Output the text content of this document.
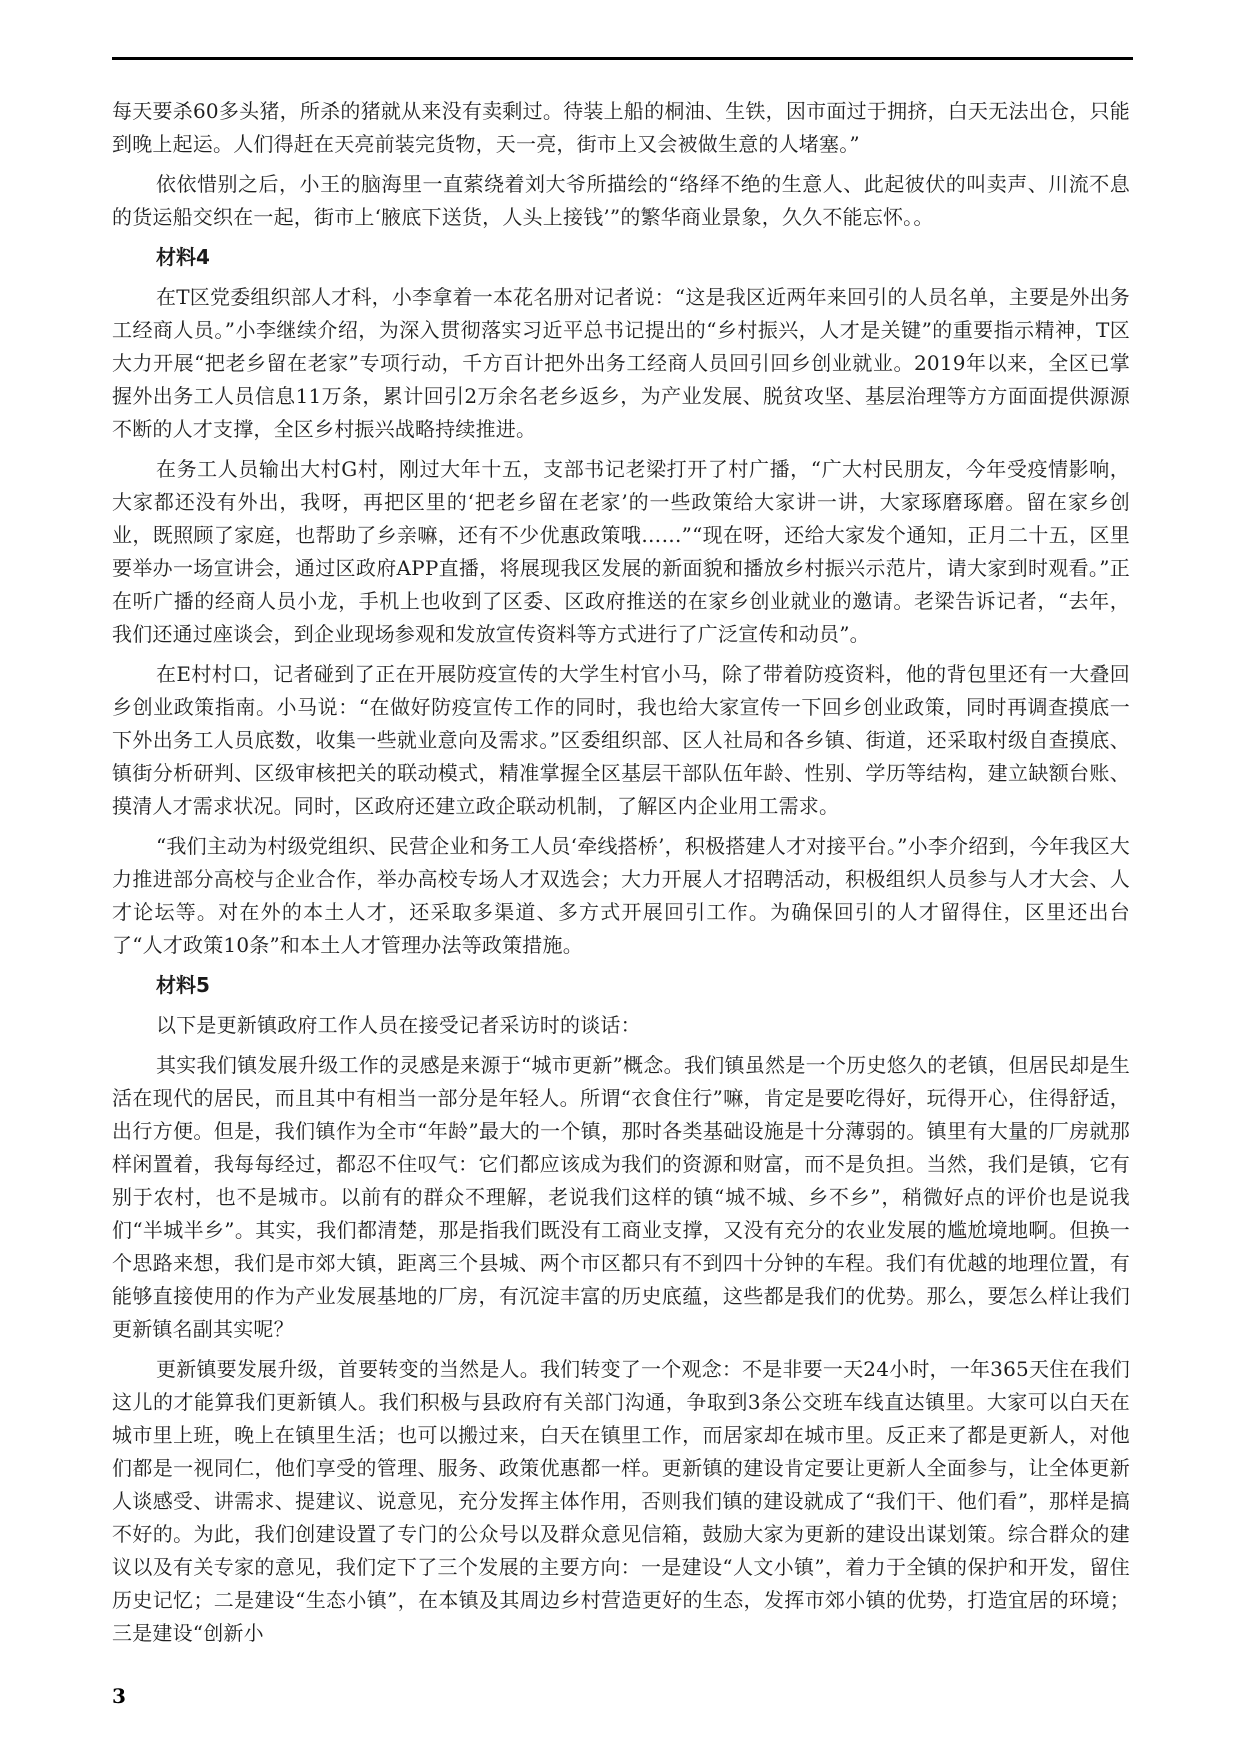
每天要杀60多头猪，所杀的猪就从来没有卖剩过。待装上船的桐油、生铁，因市面过于拥挤，白天无法出仓，只能到晚上起运。人们得赶在天亮前装完货物，天一亮，街市上又会被做生意的人堵塞。”

依依惜别之后，小王的脑海里一直萦绕着刘大爷所描绘的“络绎不绝的生意人、此起彼伏的叫卖声、川流不息的货运船交织在一起，街市上‘腋底下送货，人头上接钱’”的繁华商业景象，久久不能忘怀。。

材料4

在T区党委组织部人才科，小李拿着一本花名册对记者说：“这是我区近两年来回引的人员名单，主要是外出务工经商人员。”小李继续介绍，为深入贯彻落实习近平总书记提出的“乡村振兴，人才是关键”的重要指示精神，T区大力开展“把老乡留在老家”专项行动，千方百计把外出务工经商人员回引回乡创业就业。2019年以来，全区已掌握外出务工人员信息11万条，累计回引2万余名老乡返乡，为产业发展、脱贫攻坚、基层治理等方方面面提供源源不断的人才支撑，全区乡村振兴战略持续推进。

在务工人员输出大村G村，刚过大年十五，支部书记老梁打开了村广播，“广大村民朋友，今年受疫情影响，大家都还没有外出，我呀，再把区里的‘把老乡留在老家’的一些政策给大家讲一讲，大家琢磨琢磨。留在家乡创业，既照顾了家庭，也帮助了乡亲嘛，还有不少优惠政策哦……”“现在呀，还给大家发个通知，正月二十五，区里要举办一场宣讲会，通过区政府APP直播，将展现我区发展的新面貌和播放乡村振兴示范片，请大家到时观看。”正在听广播的经商人员小龙，手机上也收到了区委、区政府推送的在家乡创业就业的邀请。老梁告诉记者，“去年，我们还通过座谈会，到企业现场参观和发放宣传资料等方式进行了广泛宣传和动员”。

在E村村口，记者碰到了正在开展防疫宣传的大学生村官小马，除了带着防疫资料，他的背包里还有一大叠回乡创业政策指南。小马说：“在做好防疫宣传工作的同时，我也给大家宣传一下回乡创业政策，同时再调查摸底一下外出务工人员底数，收集一些就业意向及需求。”区委组织部、区人社局和各乡镇、街道，还采取村级自查摸底、镇街分析研判、区级审核把关的联动模式，精准掌握全区基层干部队伍年龄、性别、学历等结构，建立缺额台账、摸清人才需求状况。同时，区政府还建立政企联动机制，了解区内企业用工需求。

“我们主动为村级党组织、民营企业和务工人员‘牵线搭桥’，积极搭建人才对接平台。”小李介绍到，今年我区大力推进部分高校与企业合作，举办高校专场人才双选会；大力开展人才招聘活动，积极组织人员参与人才大会、人才论坛等。对在外的本土人才，还采取多渠道、多方式开展回引工作。为确保回引的人才留得住，区里还出台了“人才政策10条”和本土人才管理办法等政策措施。

材料5

以下是更新镇政府工作人员在接受记者采访时的谈话：

其实我们镇发展升级工作的灵感是来源于“城市更新”概念。我们镇虽然是一个历史悠久的老镇，但居民却是生活在现代的居民，而且其中有相当一部分是年轻人。所谓“衣食住行”嘛，肯定是要吃得好，玩得开心，住得舒适，出行方便。但是，我们镇作为全市“年龄”最大的一个镇，那时各类基础设施是十分薄弱的。镇里有大量的厂房就那样闲置着，我每每经过，都忍不住叹气：它们都应该成为我们的资源和财富，而不是负担。当然，我们是镇，它有别于农村，也不是城市。以前有的群众不理解，老说我们这样的镇“城不城、乡不乡”，稍微好点的评价也是说我们“半城半乡”。其实，我们都清楚，那是指我们既没有工商业支撑，又没有充分的农业发展的尴尬境地啊。但换一个思路来想，我们是市郊大镇，距离三个县城、两个市区都只有不到四十分钟的车程。我们有优越的地理位置，有能够直接使用的作为产业发展基地的厂房，有沉淀丰富的历史底蕴，这些都是我们的优势。那么，要怎么样让我们更新镇名副其实呢？

更新镇要发展升级，首要转变的当然是人。我们转变了一个观念：不是非要一天24小时，一年365天住在我们这儿的才能算我们更新镇人。我们积极与县政府有关部门沟通，争取到3条公交班车线直达镇里。大家可以白天在城市里上班，晚上在镇里生活；也可以搬过来，白天在镇里工作，而居家却在城市里。反正来了都是更新人，对他们都是一视同仁，他们享受的管理、服务、政策优惠都一样。更新镇的建设肯定要让更新人全面参与，让全体更新人谈感受、讲需求、提建议、说意见，充分发挥主体作用，否则我们镇的建设就成了“我们干、他们看”，那样是搞不好的。为此，我们创建设置了专门的公众号以及群众意见信箱，鼓励大家为更新的建设出谋划策。综合群众的建议以及有关专家的意见，我们定下了三个发展的主要方向：一是建设“人文小镇”，着力于全镇的保护和开发，留住历史记忆；二是建设“生态小镇”，在本镇及其周边乡村营造更好的生态，发挥市郊小镇的优势，打造宜居的环境；三是建设“创新小

3
